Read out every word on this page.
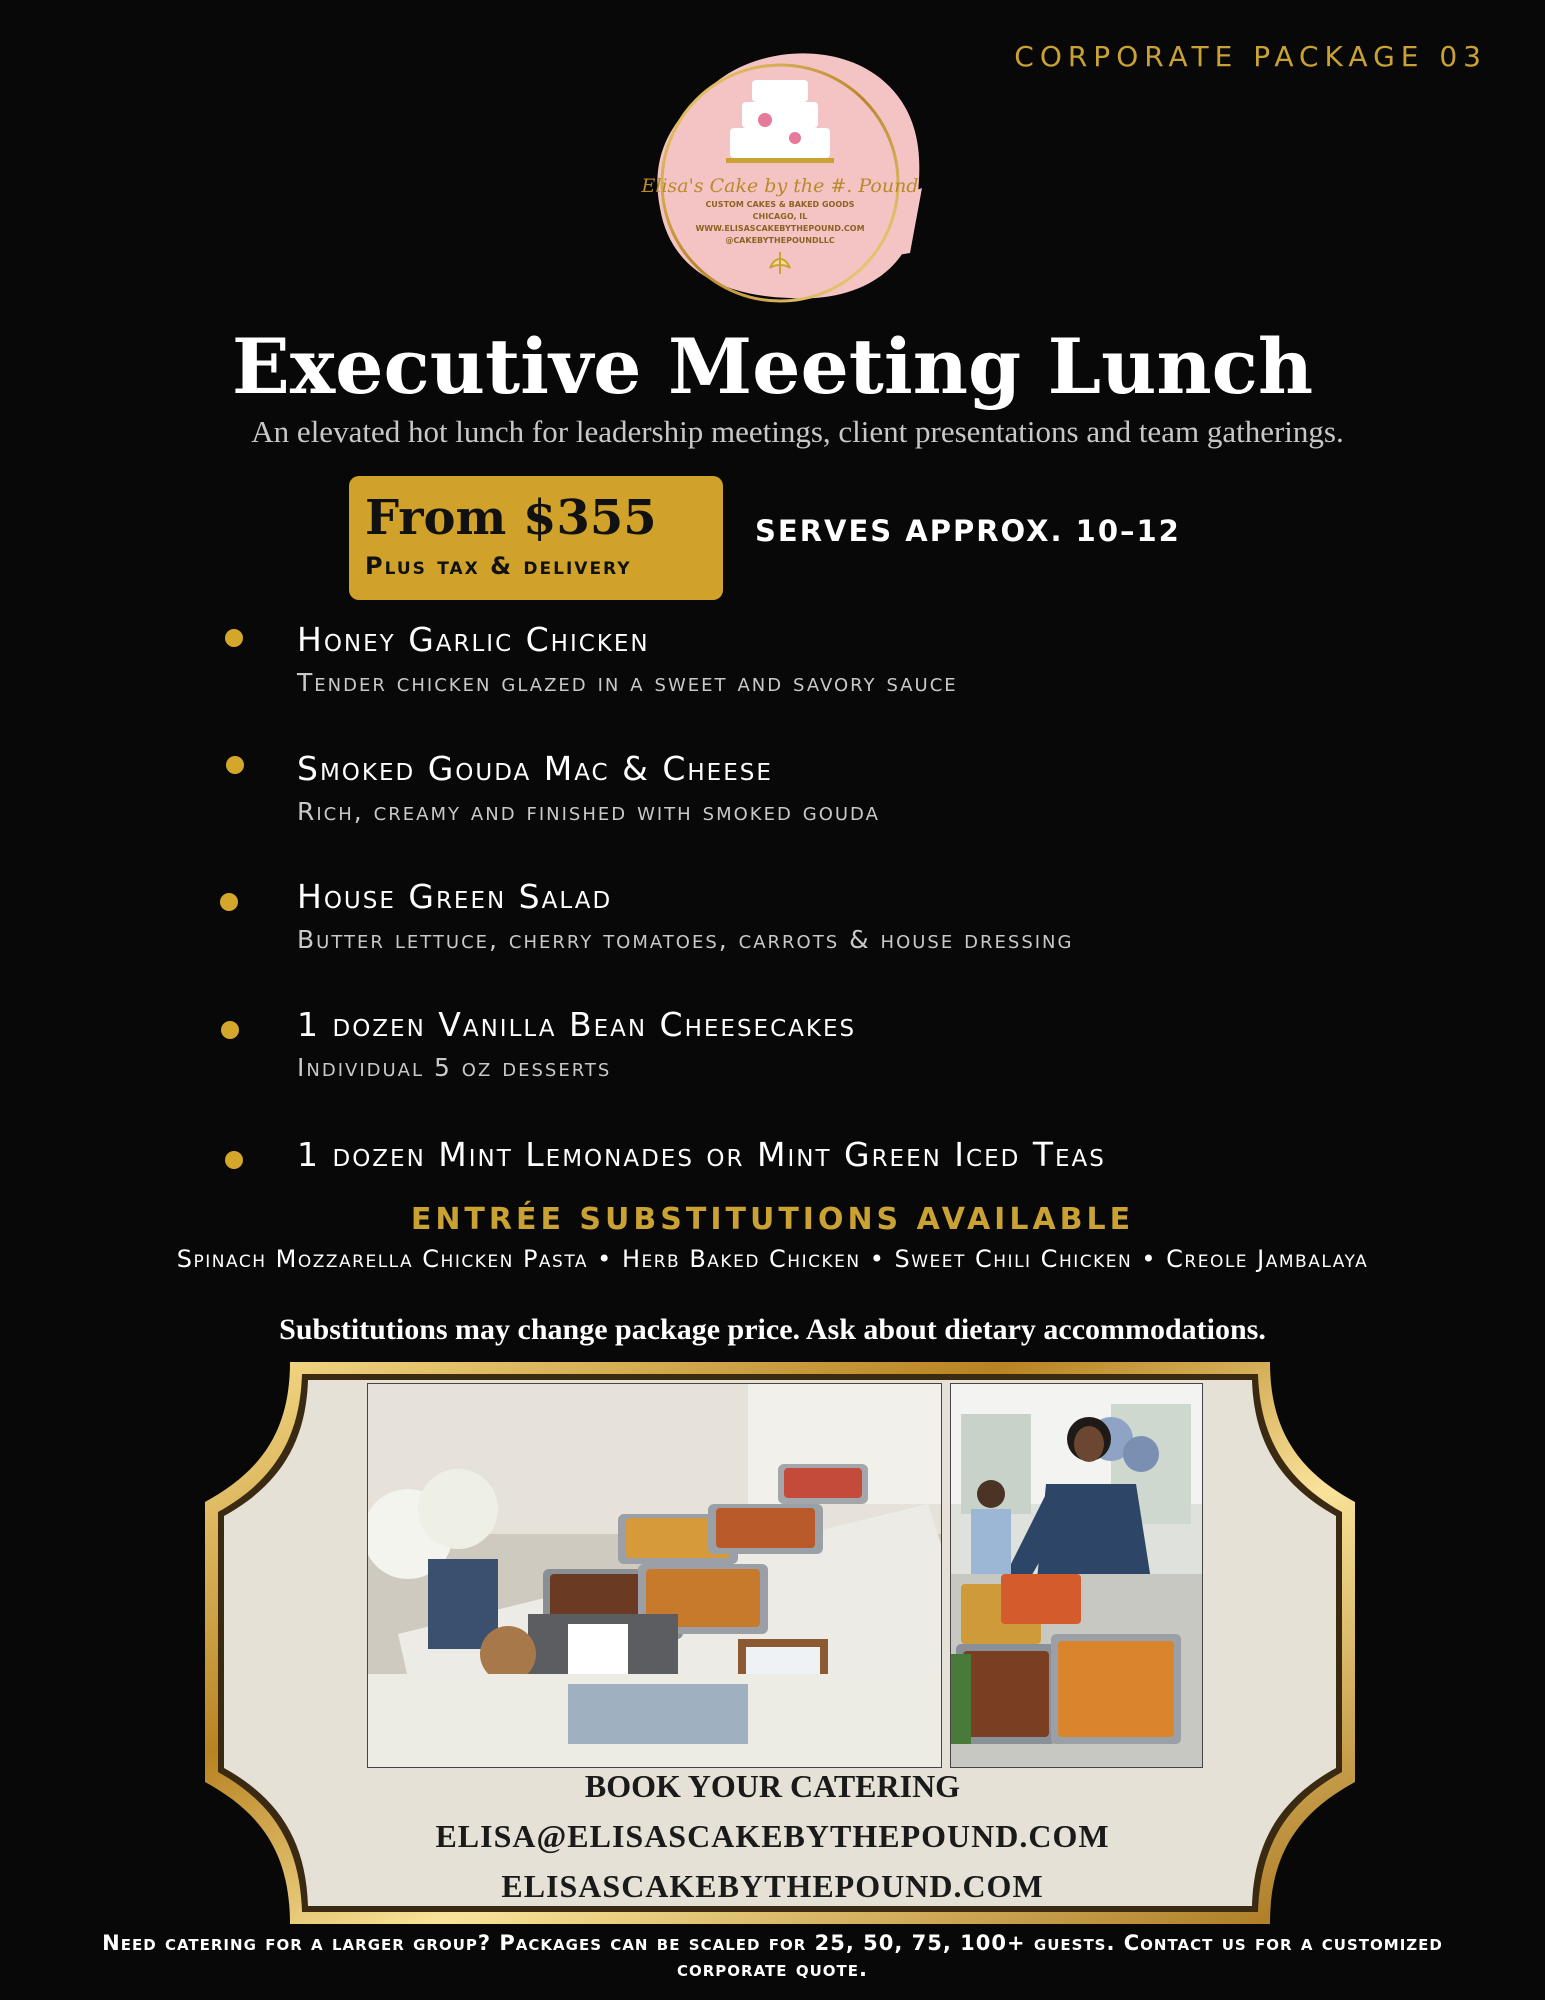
CORPORATE PACKAGE 03
Elisa's Cake by the #. Pound
CUSTOM CAKES & BAKED GOODS
CHICAGO, IL
WWW.ELISASCAKEBYTHEPOUND.COM
@CAKEBYTHEPOUNDLLC
Executive Meeting Lunch
An elevated hot lunch for leadership meetings, client presentations and team gatherings.
From $355
Plus tax & delivery
SERVES APPROX. 10–12
Honey Garlic Chicken
Tender chicken glazed in a sweet and savory sauce
Smoked Gouda Mac & Cheese
Rich, creamy and finished with smoked gouda
House Green Salad
Butter lettuce, cherry tomatoes, carrots & house dressing
1 dozen Vanilla Bean Cheesecakes
Individual 5 oz desserts
1 dozen Mint Lemonades or Mint Green Iced Teas
ENTRÉE SUBSTITUTIONS AVAILABLE
Spinach Mozzarella Chicken Pasta • Herb Baked Chicken • Sweet Chili Chicken • Creole Jambalaya
Substitutions may change package price. Ask about dietary accommodations.
BOOK YOUR CATERING
ELISA@ELISASCAKEBYTHEPOUND.COM
ELISASCAKEBYTHEPOUND.COM
Need catering for a larger group? Packages can be scaled for 25, 50, 75, 100+ guests. Contact us for a customized corporate quote.
